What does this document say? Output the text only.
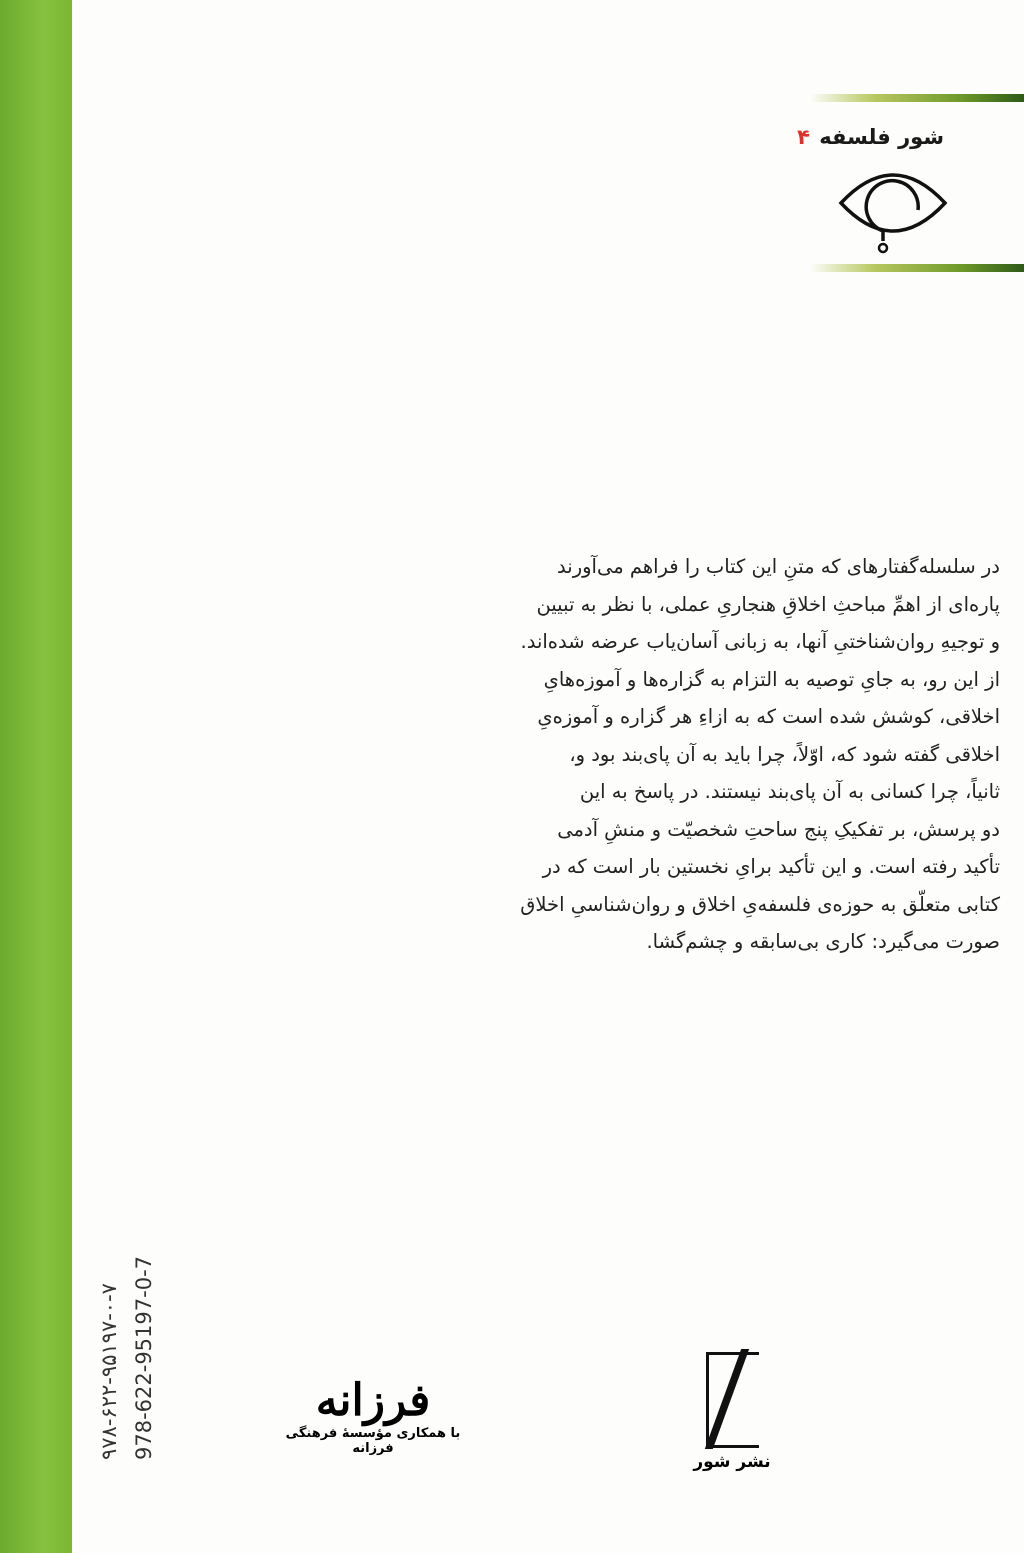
شور فلسفه ۴

در سلسله‌گفتارهای که متنِ این کتاب را فراهم می‌آورند

پاره‌ای از اهمِّ مباحثِ اخلاقِ هنجاریِ عملی، با نظر به تبیین

و توجیهِ روان‌شناختیِ آنها، به زبانی آسان‌یاب عرضه شده‌اند.

از این رو، به جایِ توصیه به التزام به گزاره‌ها و آموزه‌هایِ

اخلاقی، کوشش شده است که به ازاءِ هر گزاره و آموزه‌یِ

اخلاقی گفته شود که، اوّلاً، چرا باید به آن پای‌بند بود و،

ثانیاً، چرا کسانی به آن پای‌بند نیستند. در پاسخ به این

دو پرسش، بر تفکیکِ پنج ساحتِ شخصیّت و منشِ آدمی

تأکید رفته است. و این تأکید برایِ نخستین بار است که در

کتابی متعلّق به حوزه‌ی فلسفه‌یِ اخلاق و روان‌شناسیِ اخلاق

صورت می‌گیرد: کاری بی‌سابقه و چشم‌گشا.

۹۷۸-۶۲۲-۹۵۱۹۷-۰-۷ 978-622-95197-0-7	فرزانه
با همکاری مؤسسهٔ فرهنگی فرزانه
نشر شور
